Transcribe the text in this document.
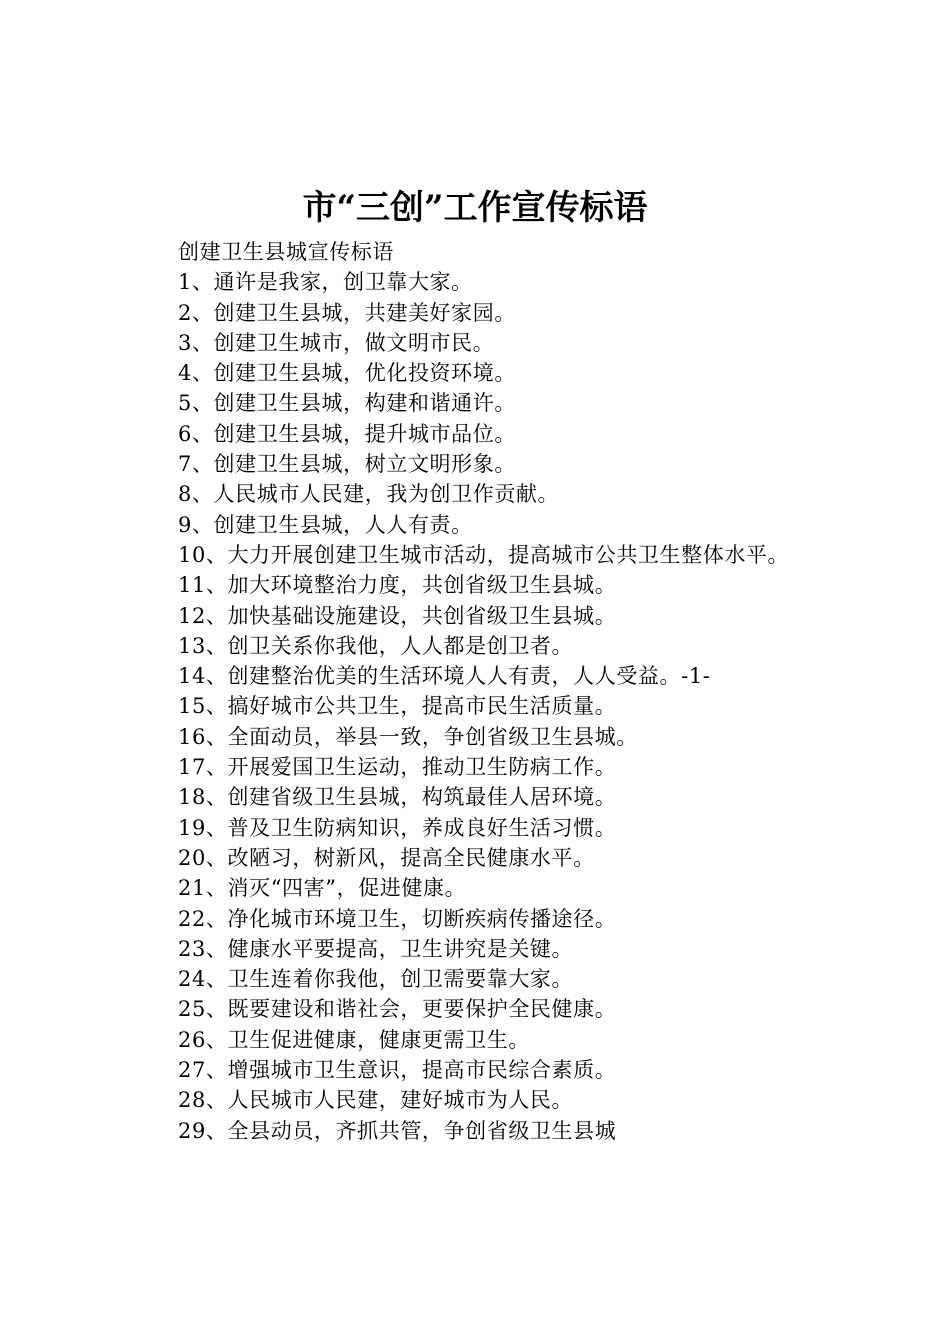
市“三创”工作宣传标语

创建卫生县城宣传标语

1、通许是我家，创卫靠大家。

2、创建卫生县城，共建美好家园。

3、创建卫生城市，做文明市民。

4、创建卫生县城，优化投资环境。

5、创建卫生县城，构建和谐通许。

6、创建卫生县城，提升城市品位。

7、创建卫生县城，树立文明形象。

8、人民城市人民建，我为创卫作贡献。

9、创建卫生县城，人人有责。

10、大力开展创建卫生城市活动，提高城市公共卫生整体水平。

11、加大环境整治力度，共创省级卫生县城。

12、加快基础设施建设，共创省级卫生县城。

13、创卫关系你我他，人人都是创卫者。

14、创建整治优美的生活环境人人有责，人人受益。-1-

15、搞好城市公共卫生，提高市民生活质量。

16、全面动员，举县一致，争创省级卫生县城。

17、开展爱国卫生运动，推动卫生防病工作。

18、创建省级卫生县城，构筑最佳人居环境。

19、普及卫生防病知识，养成良好生活习惯。

20、改陋习，树新风，提高全民健康水平。

21、消灭“四害”，促进健康。

22、净化城市环境卫生，切断疾病传播途径。

23、健康水平要提高，卫生讲究是关键。

24、卫生连着你我他，创卫需要靠大家。

25、既要建设和谐社会，更要保护全民健康。

26、卫生促进健康，健康更需卫生。

27、增强城市卫生意识，提高市民综合素质。

28、人民城市人民建，建好城市为人民。

29、全县动员，齐抓共管，争创省级卫生县城
